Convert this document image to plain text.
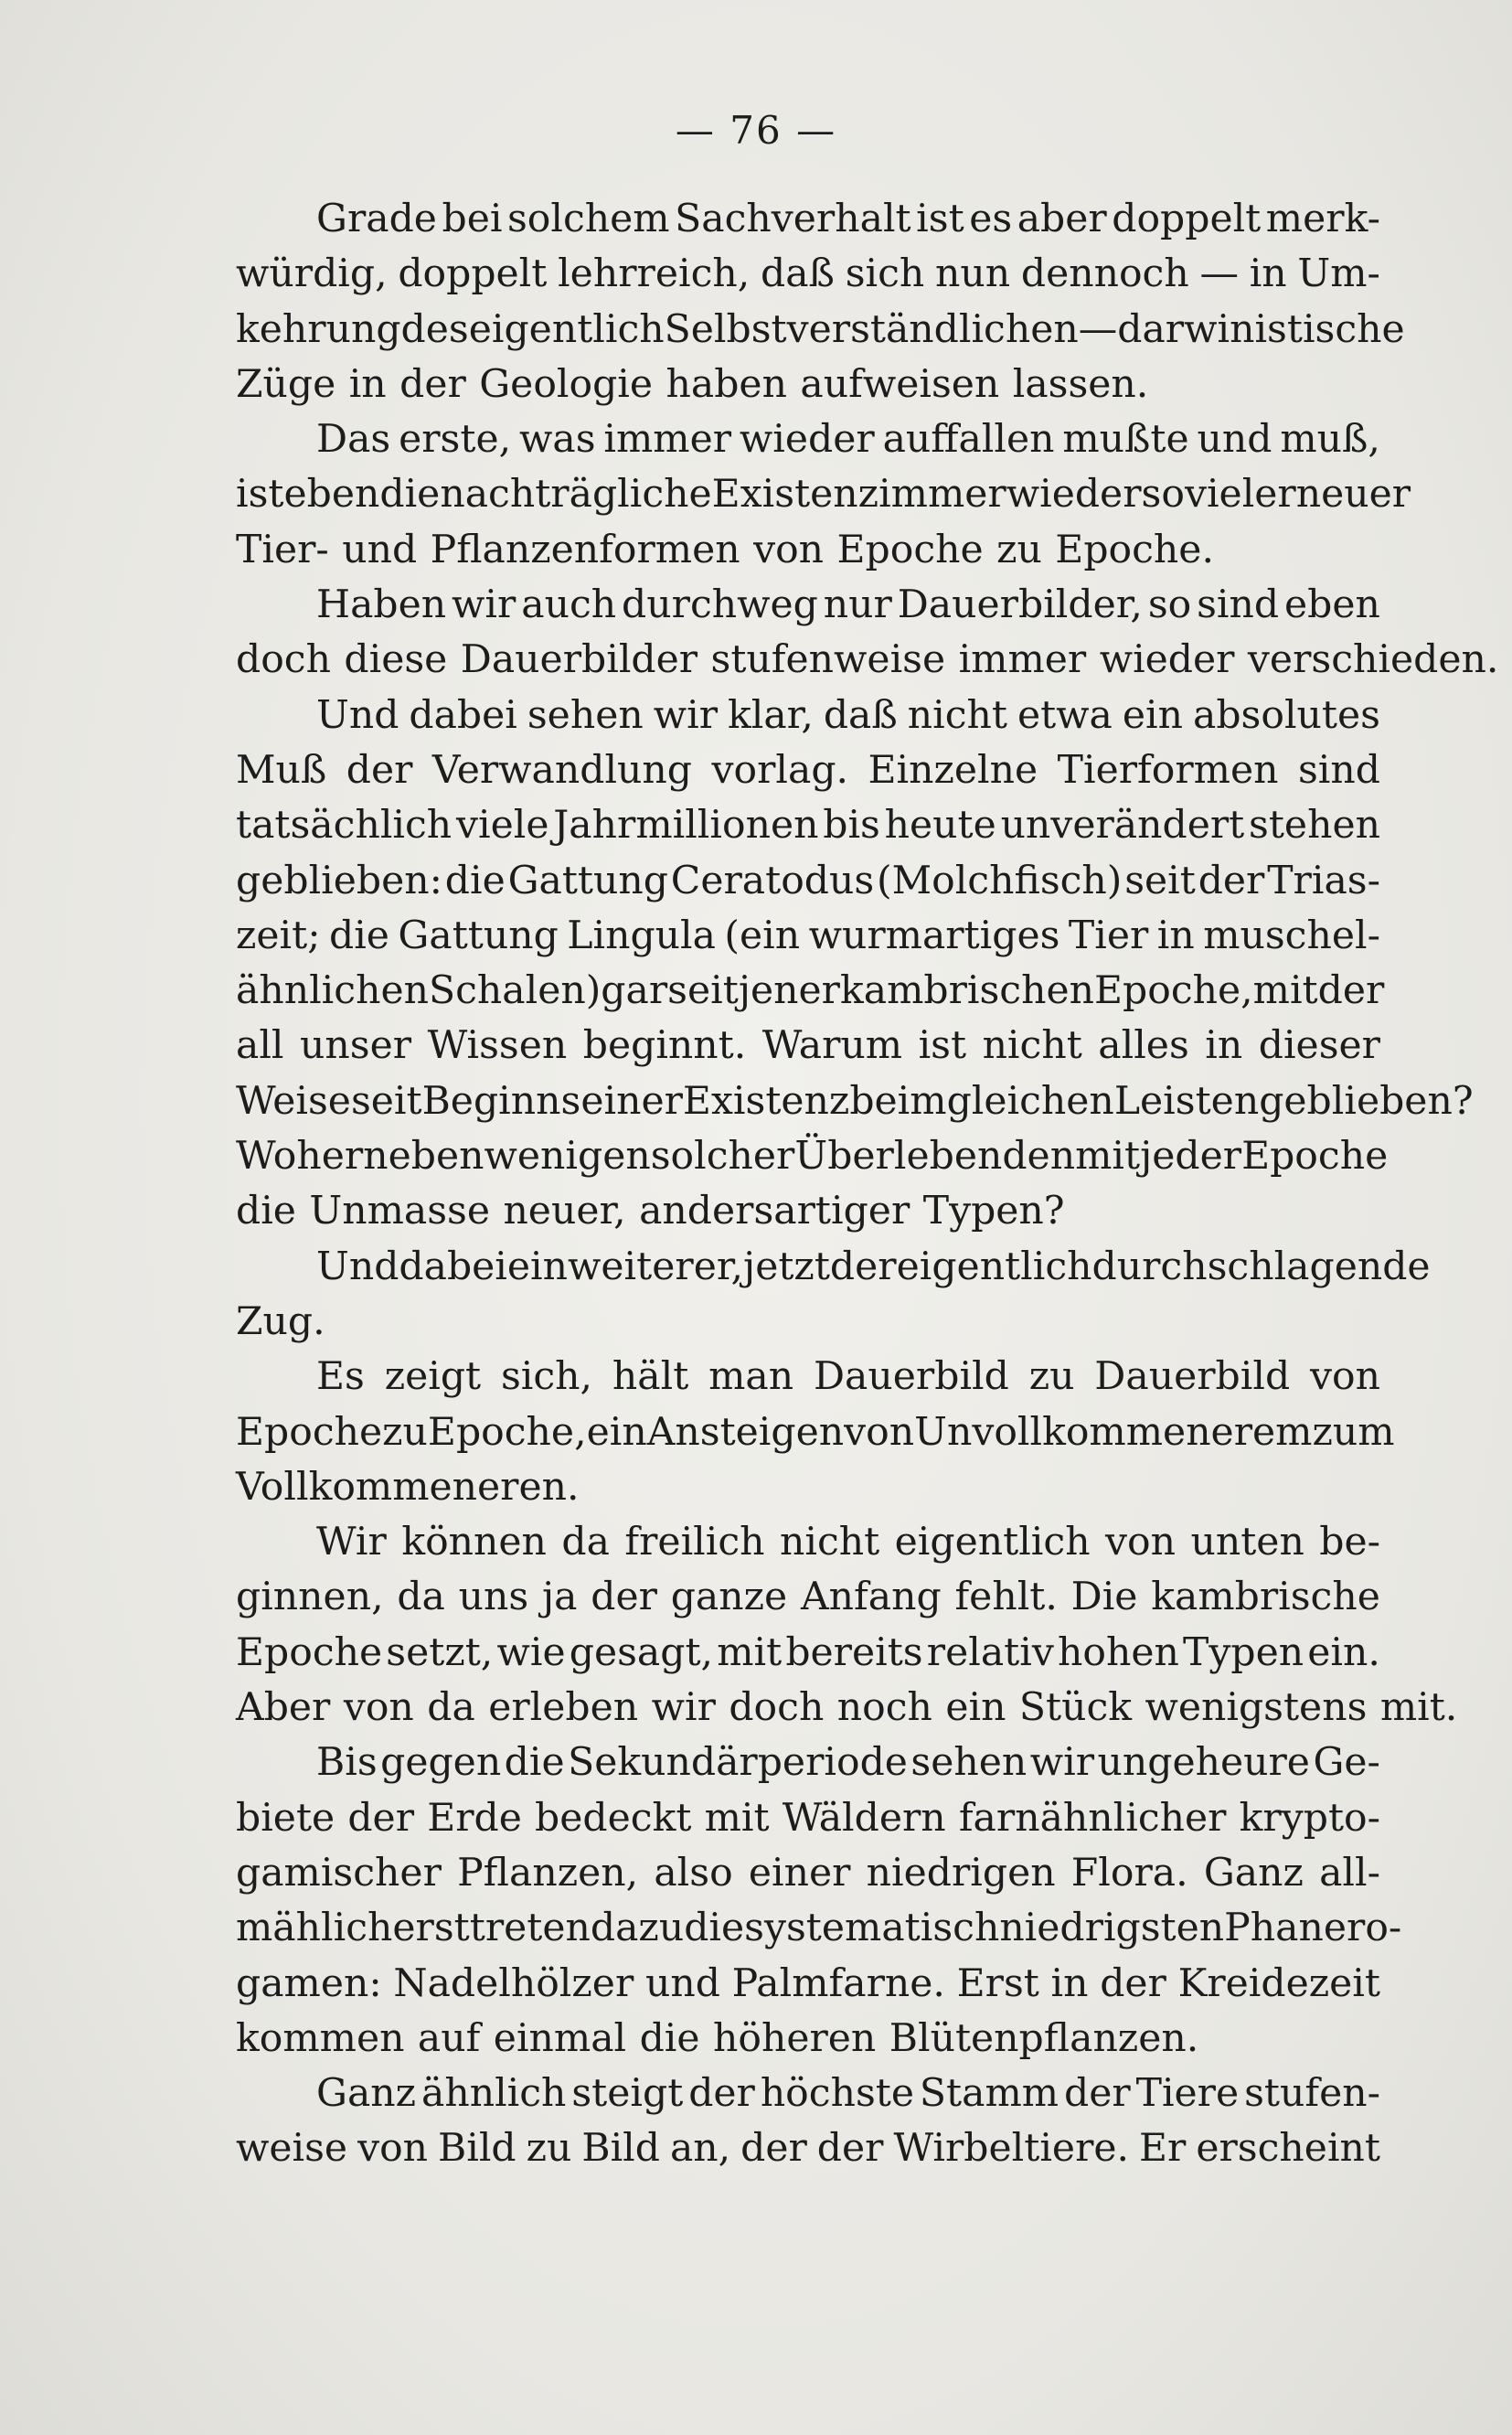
— 76 —
Grade bei solchem Sachverhalt ist es aber doppelt merk-
würdig, doppelt lehrreich, daß sich nun dennoch — in Um-
kehrung des eigentlich Selbstverständlichen — darwinistische
Züge in der Geologie haben aufweisen lassen.
Das erste, was immer wieder auffallen mußte und muß,
ist eben die nachträgliche Existenz immer wieder so vieler neuer
Tier- und Pflanzenformen von Epoche zu Epoche.
Haben wir auch durchweg nur Dauerbilder, so sind eben
doch diese Dauerbilder stufenweise immer wieder verschieden.
Und dabei sehen wir klar, daß nicht etwa ein absolutes
Muß der Verwandlung vorlag. Einzelne Tierformen sind
tatsächlich viele Jahrmillionen bis heute unverändert stehen
geblieben: die Gattung Ceratodus (Molchfisch) seit der Trias-
zeit; die Gattung Lingula (ein wurmartiges Tier in muschel-
ähnlichen Schalen) gar seit jener kambrischen Epoche, mit der
all unser Wissen beginnt. Warum ist nicht alles in dieser
Weise seit Beginn seiner Existenz beim gleichen Leisten geblieben?
Woher neben wenigen solcher Überlebenden mit jeder Epoche
die Unmasse neuer, andersartiger Typen?
Und dabei ein weiterer, jetzt der eigentlich durchschlagende
Zug.
Es zeigt sich, hält man Dauerbild zu Dauerbild von
Epoche zu Epoche, ein Ansteigen von Unvollkommenerem zum
Vollkommeneren.
Wir können da freilich nicht eigentlich von unten be-
ginnen, da uns ja der ganze Anfang fehlt. Die kambrische
Epoche setzt, wie gesagt, mit bereits relativ hohen Typen ein.
Aber von da erleben wir doch noch ein Stück wenigstens mit.
Bis gegen die Sekundärperiode sehen wir ungeheure Ge-
biete der Erde bedeckt mit Wäldern farnähnlicher krypto-
gamischer Pflanzen, also einer niedrigen Flora. Ganz all-
mählich erst treten dazu die systematisch niedrigsten Phanero-
gamen: Nadelhölzer und Palmfarne. Erst in der Kreidezeit
kommen auf einmal die höheren Blütenpflanzen.
Ganz ähnlich steigt der höchste Stamm der Tiere stufen-
weise von Bild zu Bild an, der der Wirbeltiere. Er erscheint
